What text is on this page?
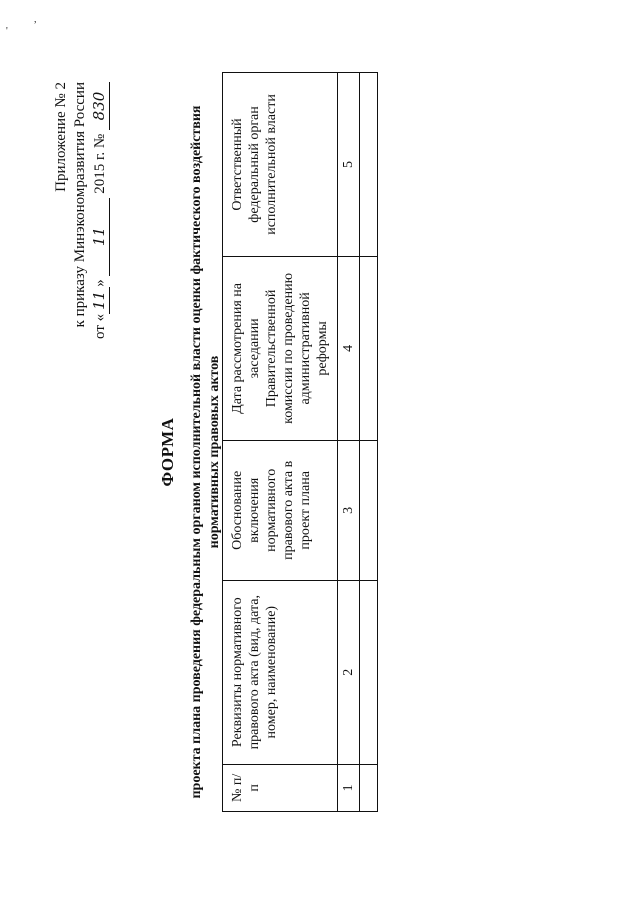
,
'
Приложение № 2 к приказу Минэкономразвития России от «11» 11 2015 г. № 830
ФОРМА проекта плана проведения федеральным органом исполнительной власти оценки фактического воздействия нормативных правовых актов
№ п/п	Реквизиты нормативного правового акта (вид, дата, номер, наименование)	Обоснование включения нормативного правового акта в проект плана	Дата рассмотрения на заседании Правительственной комиссии по проведению административной реформы	Ответственный федеральный орган исполнительной власти
1	2	3	4	5
